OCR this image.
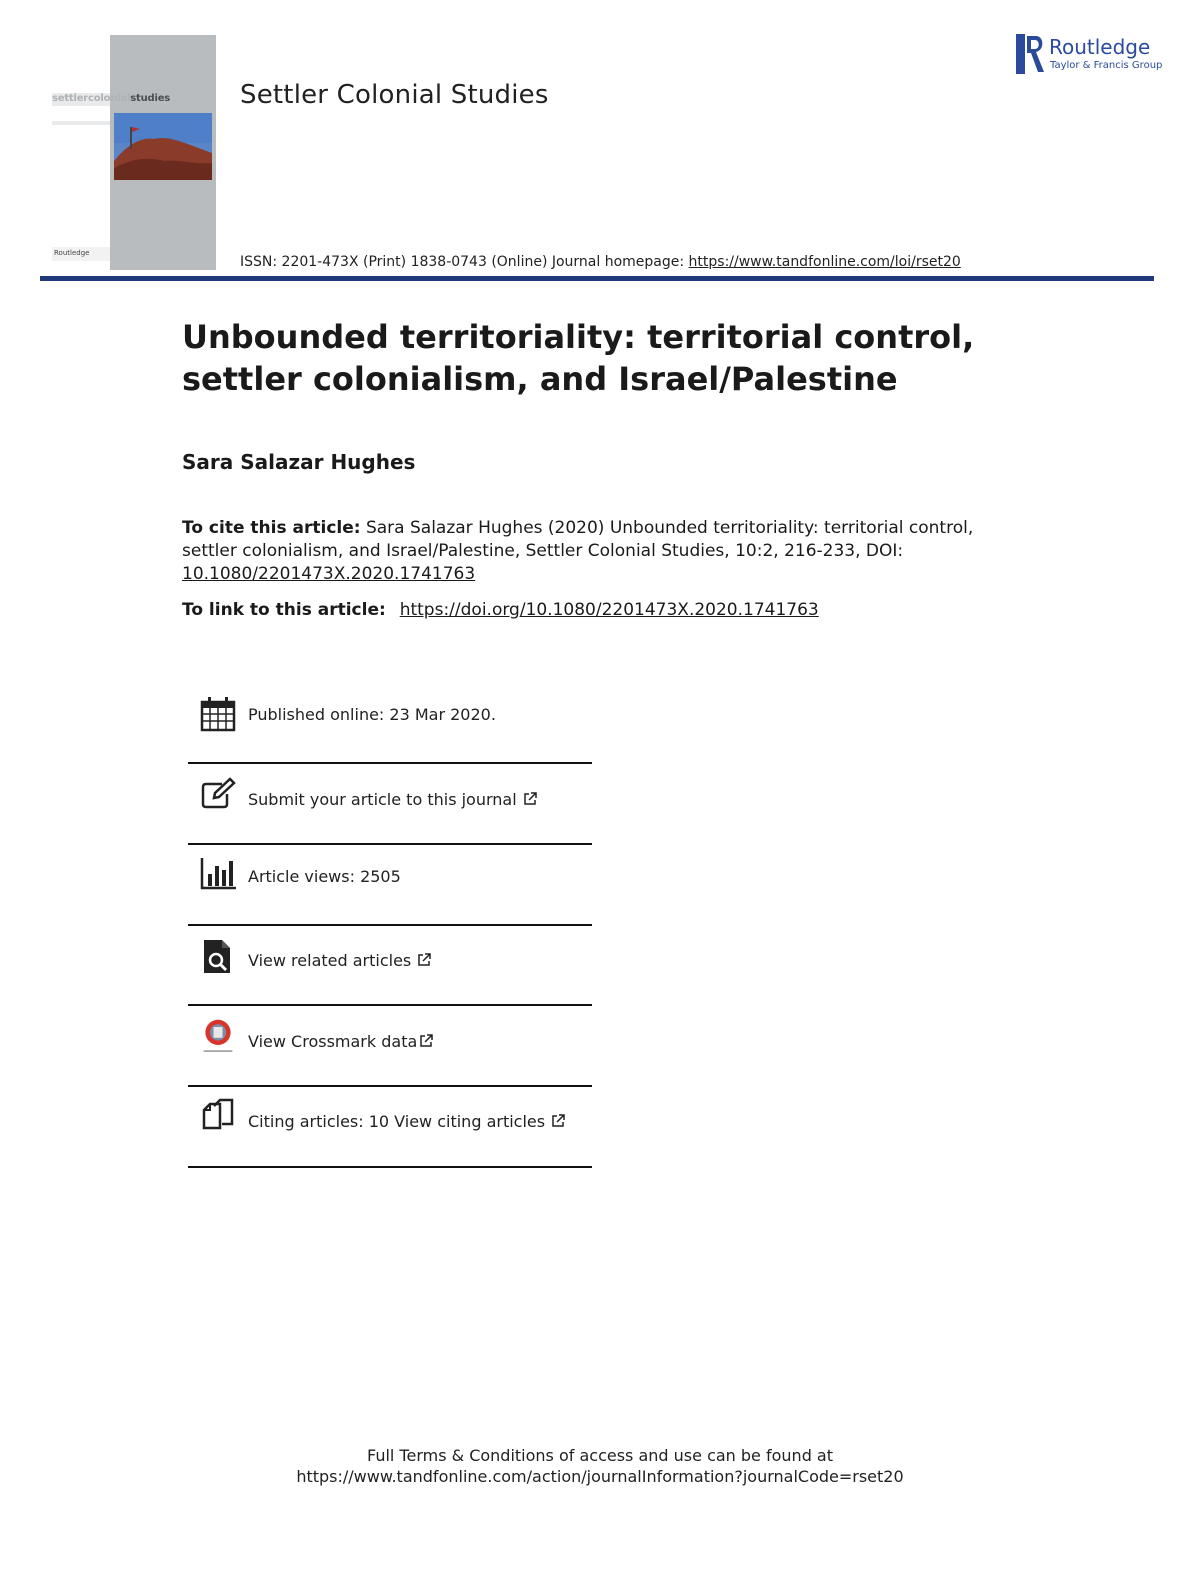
settlercolonialstudies
Routledge
Settler Colonial Studies
ISSN: 2201-473X (Print) 1838-0743 (Online) Journal homepage: https://www.tandfonline.com/loi/rset20
Routledge
Taylor & Francis Group
Unbounded territoriality: territorial control, settler colonialism, and Israel/Palestine
Sara Salazar Hughes
To cite this article: Sara Salazar Hughes (2020) Unbounded territoriality: territorial control, settler colonialism, and Israel/Palestine, Settler Colonial Studies, 10:2, 216-233, DOI: 10.1080/2201473X.2020.1741763
To link to this article: https://doi.org/10.1080/2201473X.2020.1741763
Published online: 23 Mar 2020.
Submit your article to this journal
Article views: 2505
View related articles
View Crossmark data
Citing articles: 10 View citing articles
Full Terms & Conditions of access and use can be found at
https://www.tandfonline.com/action/journalInformation?journalCode=rset20
